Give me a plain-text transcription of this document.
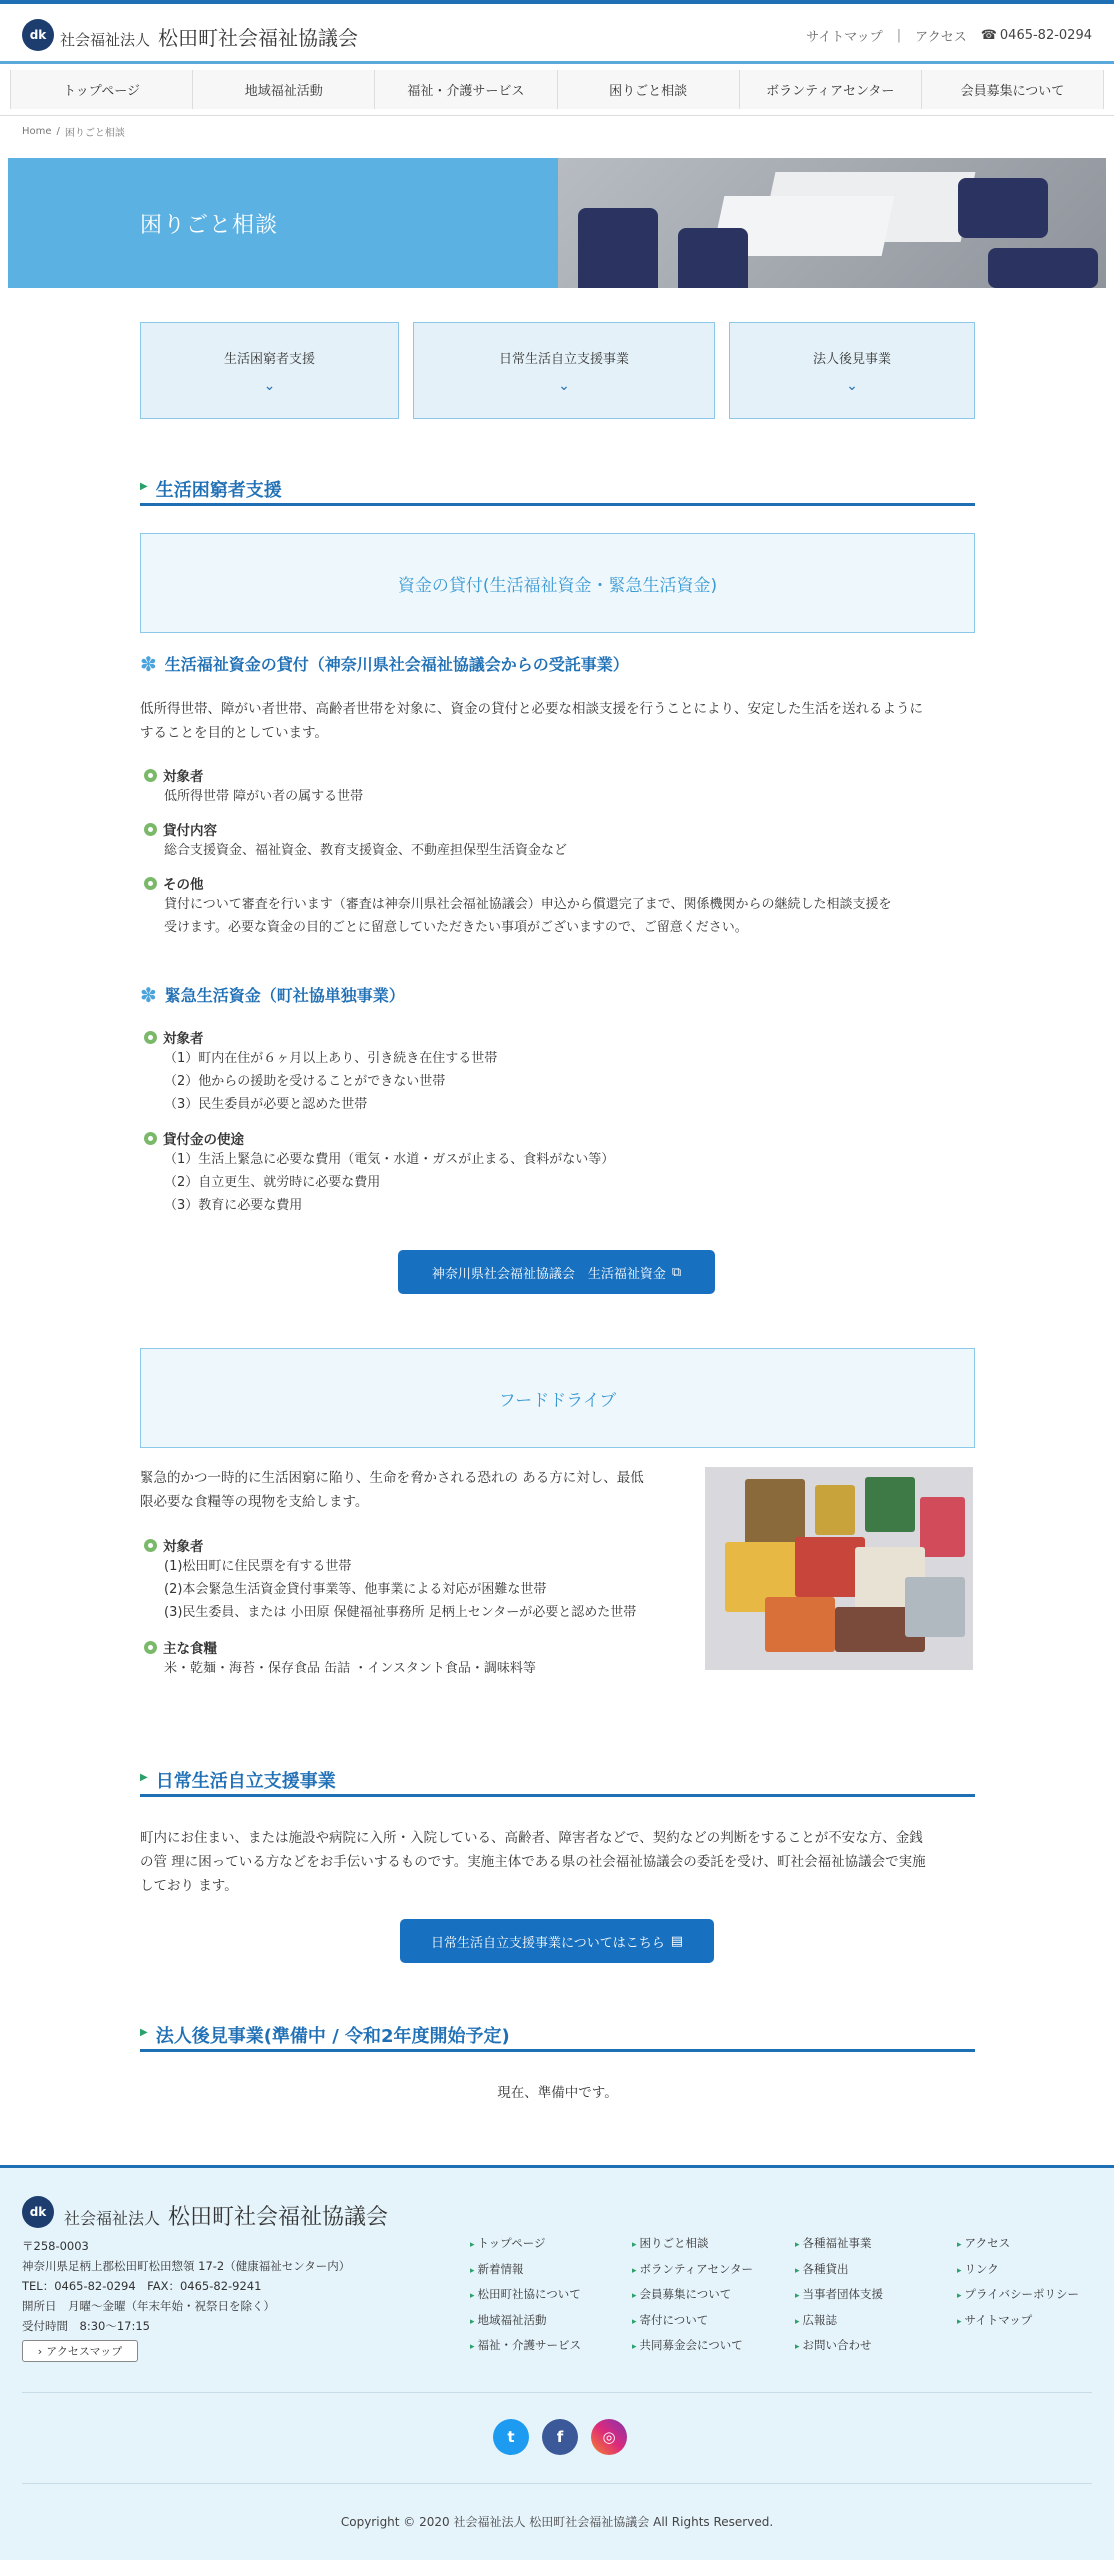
dk 社会福祉法人 松田町社会福祉協議会	サイトマップ | アクセス ☎ 0465-82-0294
トップページ	地域福祉活動	福祉・介護サービス	困りごと相談	ボランティアセンター	会員募集について
Home / 困りごと相談
困りごと相談
生活困窮者支援
⌄
日常生活自立支援事業
⌄
法人後見事業
⌄
▶ 生活困窮者支援
資金の貸付(生活福祉資金・緊急生活資金)
✽ 生活福祉資金の貸付（神奈川県社会福祉協議会からの受託事業）
低所得世帯、障がい者世帯、高齢者世帯を対象に、資金の貸付と必要な相談支援を行うことにより、安定した生活を送れるように
することを目的としています。
対象者
低所得世帯 障がい者の属する世帯
貸付内容
総合支援資金、福祉資金、教育支援資金、不動産担保型生活資金など
その他
貸付について審査を行います（審査は神奈川県社会福祉協議会）申込から償還完了まで、関係機関からの継続した相談支援を
受けます。必要な資金の目的ごとに留意していただきたい事項がございますので、ご留意ください。
✽ 緊急生活資金（町社協単独事業）
対象者
（1）町内在住が６ヶ月以上あり、引き続き在住する世帯
（2）他からの援助を受けることができない世帯
（3）民生委員が必要と認めた世帯
貸付金の使途
（1）生活上緊急に必要な費用（電気・水道・ガスが止まる、食料がない等）
（2）自立更生、就労時に必要な費用
（3）教育に必要な費用
神奈川県社会福祉協議会　生活福祉資金 ⧉
フードドライブ
緊急的かつ一時的に生活困窮に陥り、生命を脅かされる恐れの ある方に対し、最低
限必要な食糧等の現物を支給します。
対象者
(1)松田町に住民票を有する世帯
(2)本会緊急生活資金貸付事業等、他事業による対応が困難な世帯
(3)民生委員、または 小田原 保健福祉事務所 足柄上センターが必要と認めた世帯
主な食糧
米・乾麺・海苔・保存食品 缶詰 ・インスタント食品・調味料等
▶ 日常生活自立支援事業
町内にお住まい、または施設や病院に入所・入院している、高齢者、障害者などで、契約などの判断をすることが不安な方、金銭
の管 理に困っている方などをお手伝いするものです。実施主体である県の社会福祉協議会の委託を受け、町社会福祉協議会で実施
しており ます。
日常生活自立支援事業についてはこちら ▤
▶ 法人後見事業(準備中 / 令和2年度開始予定)
現在、準備中です。
dk	社会福祉法人 松田町社会福祉協議会
〒258-0003
神奈川県足柄上郡松田町松田惣領 17-2（健康福祉センター内）
TEL：0465-82-0294　FAX：0465-82-9241
開所日　月曜～金曜（年末年始・祝祭日を除く）
受付時間　8:30〜17:15
› アクセスマップ
▸ トップページ
▸ 新着情報
▸ 松田町社協について
▸ 地域福祉活動
▸ 福祉・介護サービス
▸ 困りごと相談
▸ ボランティアセンター
▸ 会員募集について
▸ 寄付について
▸ 共同募金会について
▸ 各種福祉事業
▸ 各種貸出
▸ 当事者団体支援
▸ 広報誌
▸ お問い合わせ
▸ アクセス
▸ リンク
▸ プライバシーポリシー
▸ サイトマップ
t	f	◎
Copyright © 2020 社会福祉法人 松田町社会福祉協議会 All Rights Reserved.
